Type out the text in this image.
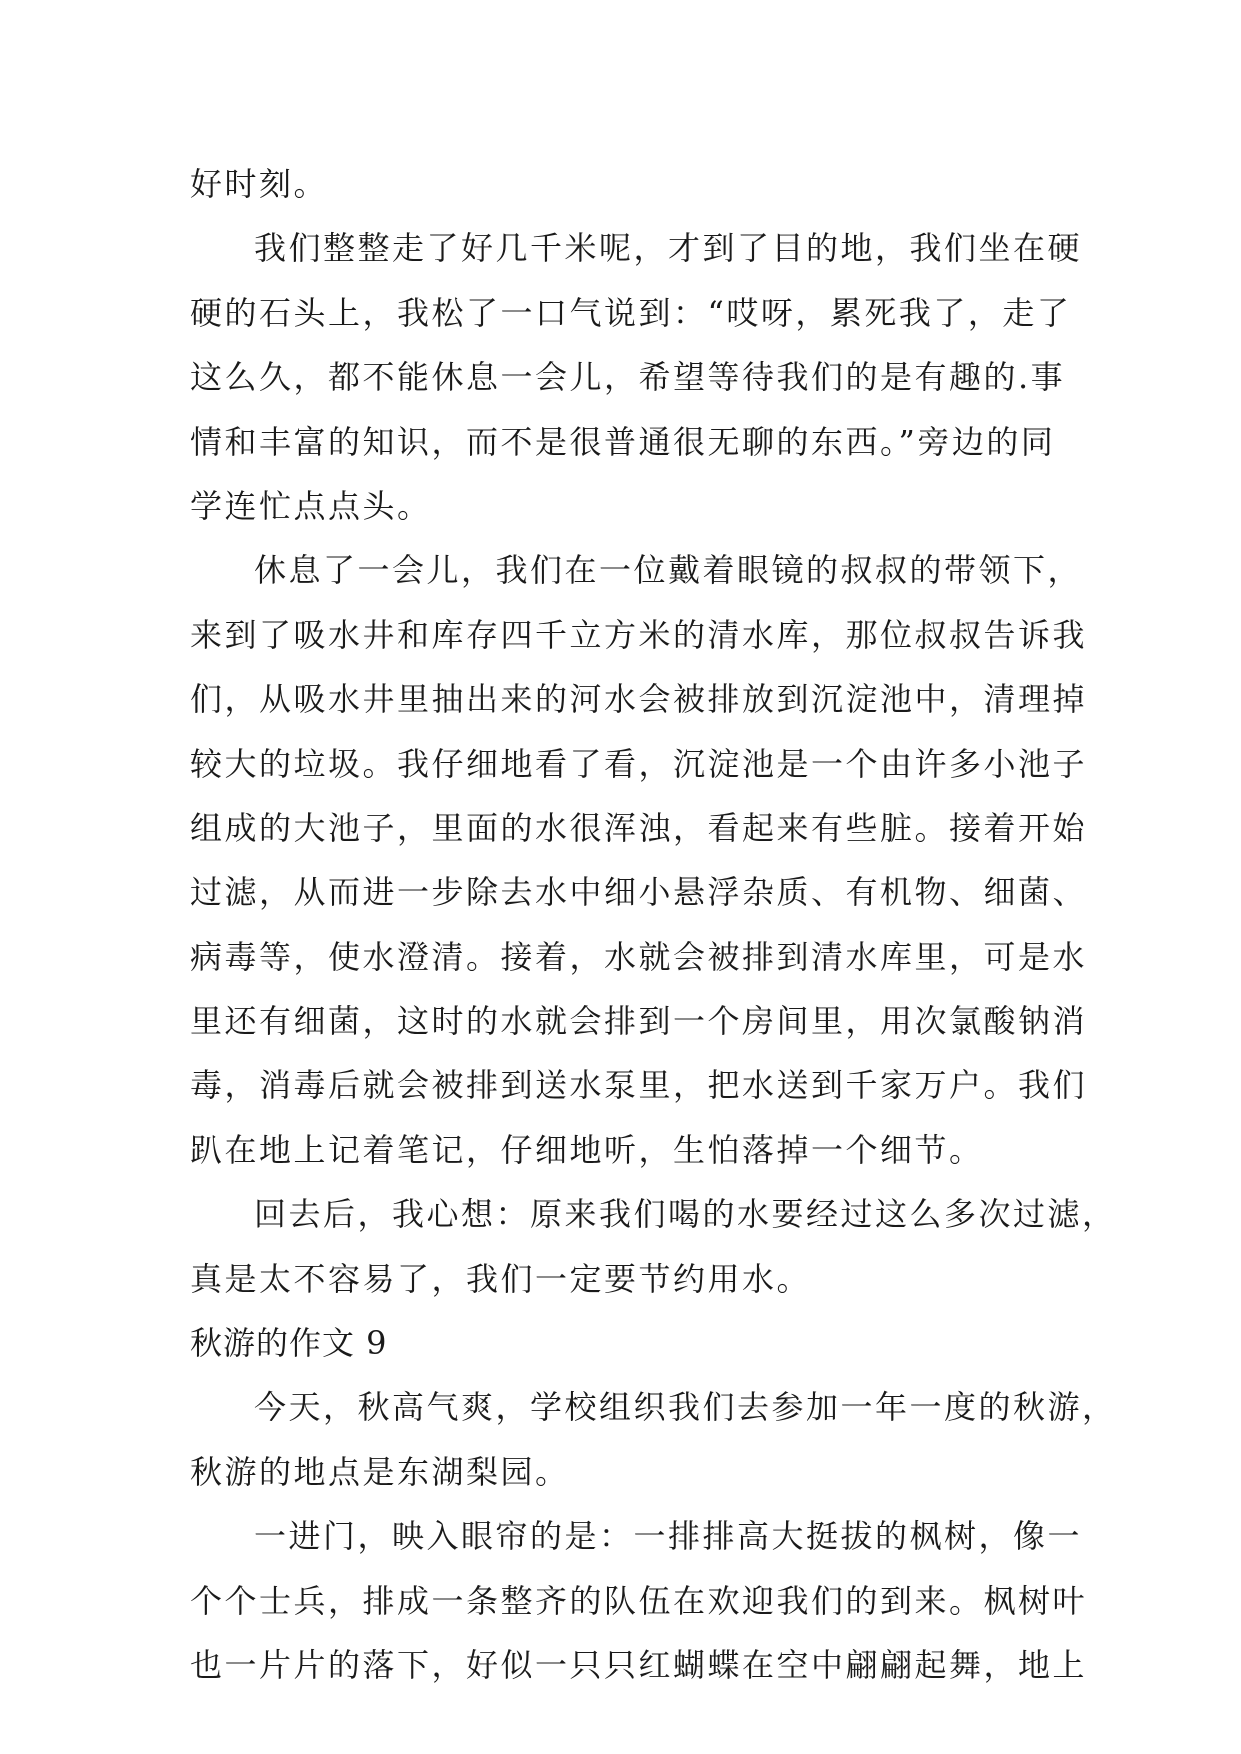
好时刻。
我们整整走了好几千米呢，才到了目的地，我们坐在硬
硬的石头上，我松了一口气说到：“哎呀，累死我了，走了
这么久，都不能休息一会儿，希望等待我们的是有趣的.事
情和丰富的知识，而不是很普通很无聊的东西。”旁边的同
学连忙点点头。
休息了一会儿，我们在一位戴着眼镜的叔叔的带领下，
来到了吸水井和库存四千立方米的清水库，那位叔叔告诉我
们，从吸水井里抽出来的河水会被排放到沉淀池中，清理掉
较大的垃圾。我仔细地看了看，沉淀池是一个由许多小池子
组成的大池子，里面的水很浑浊，看起来有些脏。接着开始
过滤，从而进一步除去水中细小悬浮杂质、有机物、细菌、
病毒等，使水澄清。接着，水就会被排到清水库里，可是水
里还有细菌，这时的水就会排到一个房间里，用次氯酸钠消
毒，消毒后就会被排到送水泵里，把水送到千家万户。我们
趴在地上记着笔记，仔细地听，生怕落掉一个细节。
回去后，我心想：原来我们喝的水要经过这么多次过滤，
真是太不容易了，我们一定要节约用水。
秋游的作文 9
今天，秋高气爽，学校组织我们去参加一年一度的秋游，
秋游的地点是东湖梨园。
一进门，映入眼帘的是：一排排高大挺拔的枫树，像一
个个士兵，排成一条整齐的队伍在欢迎我们的到来。枫树叶
也一片片的落下，好似一只只红蝴蝶在空中翩翩起舞，地上
